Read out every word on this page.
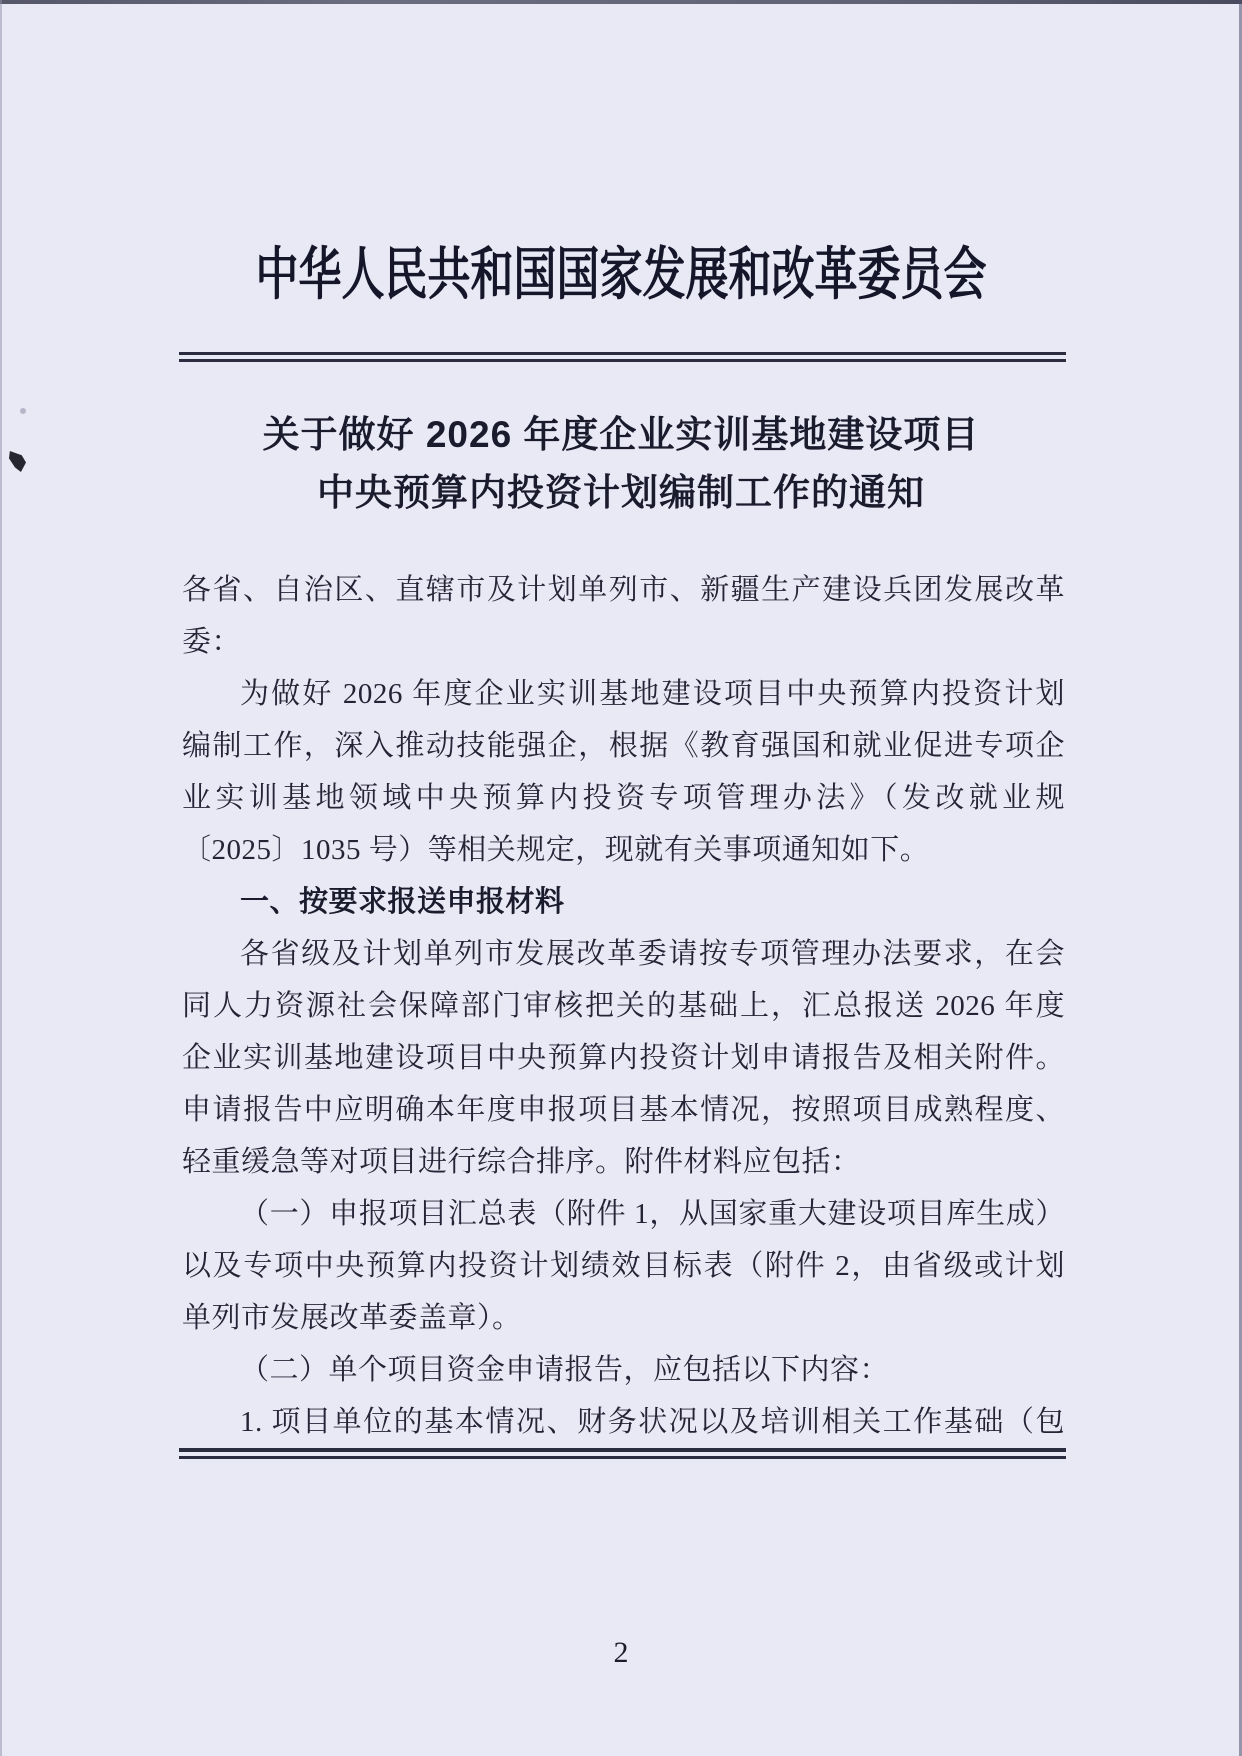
中华人民共和国国家发展和改革委员会
关于做好 2026 年度企业实训基地建设项目
中央预算内投资计划编制工作的通知
各省、自治区、直辖市及计划单列市、新疆生产建设兵团发展改革
委：
为做好 2026 年度企业实训基地建设项目中央预算内投资计划
编制工作，深入推动技能强企，根据《教育强国和就业促进专项企
业实训基地领域中央预算内投资专项管理办法》（发改就业规
〔2025〕1035 号）等相关规定，现就有关事项通知如下。
一、按要求报送申报材料
各省级及计划单列市发展改革委请按专项管理办法要求，在会
同人力资源社会保障部门审核把关的基础上，汇总报送 2026 年度
企业实训基地建设项目中央预算内投资计划申请报告及相关附件。
申请报告中应明确本年度申报项目基本情况，按照项目成熟程度、
轻重缓急等对项目进行综合排序。附件材料应包括：
（一）申报项目汇总表（附件 1，从国家重大建设项目库生成）
以及专项中央预算内投资计划绩效目标表（附件 2，由省级或计划
单列市发展改革委盖章）。
（二）单个项目资金申请报告，应包括以下内容：
1. 项目单位的基本情况、财务状况以及培训相关工作基础（包
2
